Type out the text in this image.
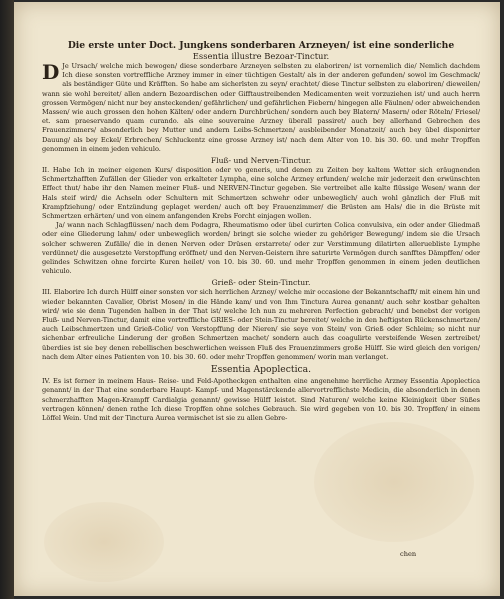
Die erste unter Doct. Jungkens sonderbaren Arzneyen/ ist eine sonderliche

Essentia illustre Bezoar-Tinctur.

D Je Ursach/ welche mich bewogen/ diese sonderbare Arzneyen selbsten zu elaboriren/ ist vornemlich die/ Nemlich dachdem Ich diese sonsten vortreffliche Arzney immer in einer tüchtigen Gestalt/ als in der anderen gefunden/ sowol im Geschmack/ als beständiger Güte und Kräfften. So habe am sicherlsten zu seyn/ erachtet/ diese Tinctur selbsten zu elaboriren/ dieweilen/ wann sie wohl bereitet/ allen andern Bezoardischen oder Gifftaustreibenden Medicamenten weit vorzuziehen ist/ und auch herrn grossen Vermögen/ nicht nur bey ansteckenden/ gefährlichen/ und gefährlichen Fiebern/ hingegen alle Fäulnen/ oder abweichenden Massen/ wie auch grossen den hohen Kälten/ oder andern Durchbrüchen/ sondern auch bey Blatern/ Masern/ oder Röteln/ Friesel/ et. sam praeservando quam curando. als eine souveraine Arzney überall passiret/ auch bey allerhand Gebrechen des Frauenzimmers/ absonderlich bey Mutter und andern Leibs-Schmertzen/ ausbleibender Monatzeit/ auch bey übel disponirter Dauung/ als bey Eckel/ Erbrechen/ Schluckentz eine grosse Arzney ist/ nach dem Alter von 10. bis 30. 60. und mehr Tropffen genommen in einem jeden vehiculo.

Fluß- und Nerven-Tinctur.

II. Habe Ich in meiner eigenen Kurs/ disposition oder vo generis, und denen zu Zeiten bey kaltem Wetter sich eräugnenden Schmertzhafften Zufällen der Glieder von erkalteter Lympha, eine solche Arzney erfunden/ welche mir jederzeit den erwünschten Effect thut/ habe ihr den Namen meiner Fluß- und NERVEN-Tinctur gegeben. Sie vertreibet alle kalte flüssige Wesen/ wann der Hals steif wird/ die Achseln oder Schultern mit Schmertzen schwehr oder unbeweglich/ auch wohl gänzlich der Fluß mit Krampfziehung/ oder Entzündung geplaget werden/ auch oft bey Frauenzimmer/ die Brüsten am Hals/ die in die Brüste mit Schmertzen erhärten/ und von einem anfangenden Krebs Forcht einjagen wollen.

Ja/ wann nach Schlagflüssen/ nach dem Podagra, Rheumatismo oder übel curirten Colica convulsiva, ein oder ander Gliedmaß oder eine Gliederung lahm/ oder unbeweglich worden/ bringt sie solche wieder zu gehöriger Bewegung/ indem sie die Ursach solcher schweren Zufälle/ die in denen Nerven oder Drüsen erstarrete/ oder zur Verstimmung dilatirten alleruebliste Lymphe verdünnet/ die ausgesetzte Verstopffung eröffnet/ und den Nerven-Geistern ihre saturirte Vermögen durch sanfftes Dämpffen/ oder gelindes Schwitzen ohne forcirte Kuren heilet/ von 10. bis 30. 60. und mehr Tropffen genommen in einem jeden deutlichen vehiculo.

Grieß- oder Stein-Tinctur.

III. Elaborire Ich durch Hülff einer sonsten vor sich herrlichen Arzney/ welche mir occasione der Bekanntschafft/ mit einem hin und wieder bekannten Cavalier, Obrist Mosen/ in die Hände kam/ und von Ihm Tinctura Aurea genannt/ auch sehr kostbar gehalten wird/ wie sie denn Tugenden halben in der That ist/ welche Ich nun zu mehreren Perfection gebracht/ und benebst der vorigen Fluß- und Nerven-Tinctur, damit eine vortreffliche GRIES- oder Stein-Tinctur bereitet/ welche in den heftigsten Rückenschmertzen/ auch Leibschmertzen und Grieß-Colic/ von Verstopffung der Nieren/ sie seye von Stein/ von Grieß oder Schleim; so nicht nur sichenbar erfreuliche Linderung der großen Schmertzen machet/ sondern auch das coagulirte versteifende Wesen zertreibet/ überdies ist sie bey denen rebellischen beschwerlichen weissen Fluß des Frauenzimmers große Hülff. Sie wird gleich den vorigen/ nach dem Alter eines Patienten von 10. bis 30. 60. oder mehr Tropffen genommen/ worin man verlanget.

Essentia Apoplectica.

IV. Es ist ferner in meinem Haus- Reise- und Feld-Apotheckgen enthalten eine angenehme herrliche Arzney Essentia Apoplectica genannt/ in der That eine sonderbare Haupt- Kampf- und Magenstärckende allervortrefflichste Medicin, die absonderlich in denen schmerzhafften Magen-Krampff Cardialgia genannt/ gewisse Hülff leistet. Sind Naturen/ welche keine Kleinigkeit über Süßes vertragen können/ denen rathe Ich diese Tropffen ohne solches Gebrauch. Sie wird gegeben von 10. bis 30. Tropffen/ in einem Löffel Wein. Und mit der Tinctura Aurea vermischet ist sie zu allen Gebre-

chen
